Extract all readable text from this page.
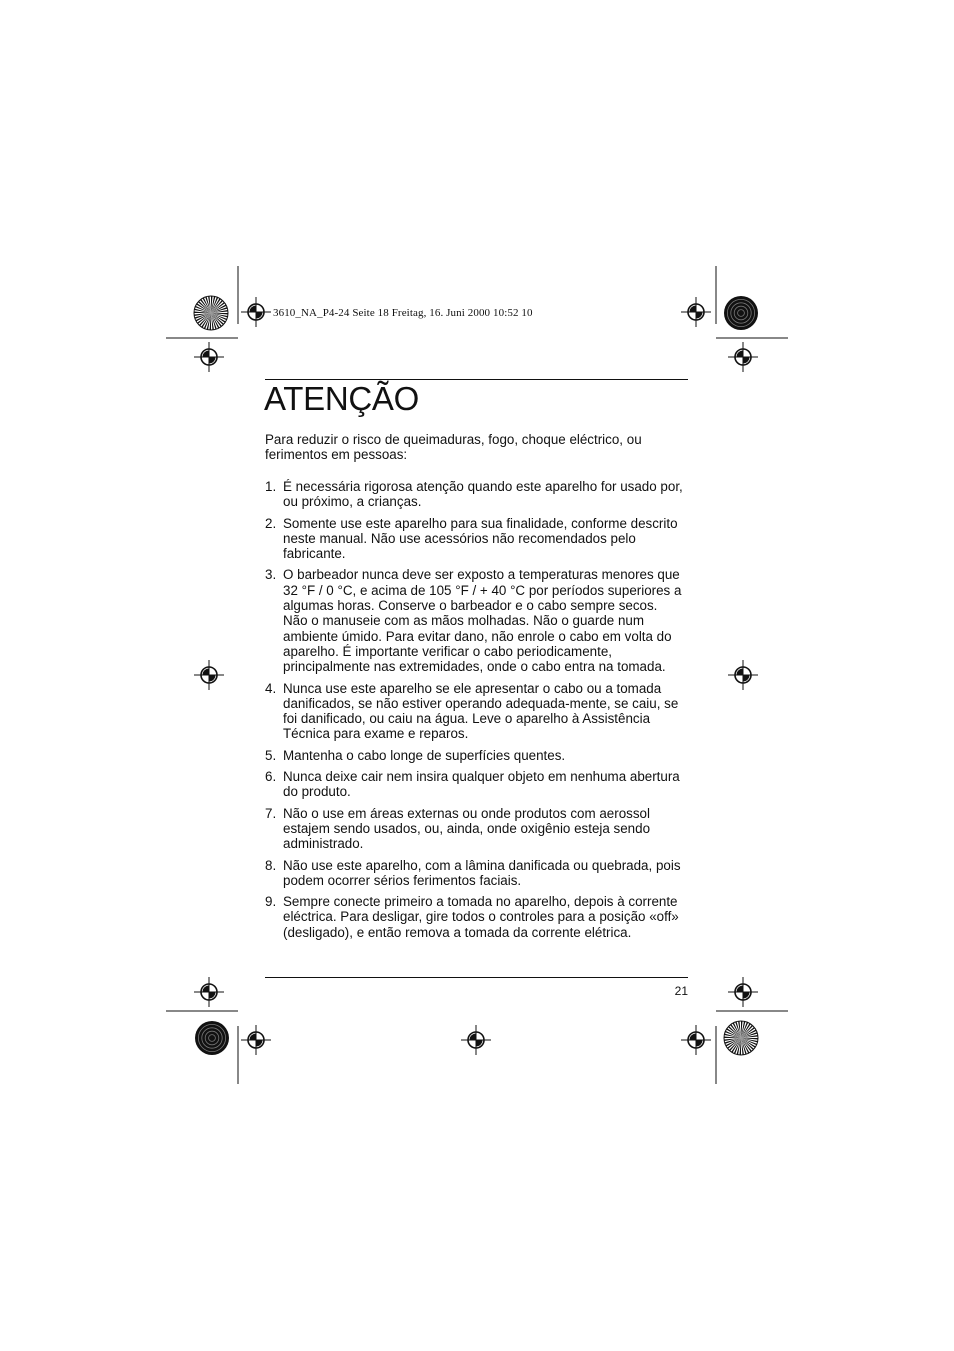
3610_NA_P4-24 Seite 18 Freitag, 16. Juni 2000 10:52 10
ATENÇÃO

Para reduzir o risco de queimaduras, fogo, choque eléctrico, ou ferimentos em pessoas:

1. É necessária rigorosa atenção quando este aparelho for usado por, ou próximo, a crianças.
2. Somente use este aparelho para sua finalidade, conforme descrito neste manual. Não use acessórios não recomendados pelo fabricante.
3. O barbeador nunca deve ser exposto a temperaturas menores que 32 °F / 0 °C, e acima de 105 °F / + 40 °C por períodos superiores a algumas horas. Conserve o barbeador e o cabo sempre secos. Não o manuseie com as mãos molhadas. Não o guarde num ambiente úmido. Para evitar dano, não enrole o cabo em volta do aparelho. É importante verificar o cabo periodicamente, principalmente nas extremidades, onde o cabo entra na tomada.
4. Nunca use este aparelho se ele apresentar o cabo ou a tomada danificados, se não estiver operando adequada-mente, se caiu, se foi danificado, ou caiu na água. Leve o aparelho à Assistência Técnica para exame e reparos.
5. Mantenha o cabo longe de superfícies quentes.
6. Nunca deixe cair nem insira qualquer objeto em nenhuma abertura do produto.
7. Não o use em áreas externas ou onde produtos com aerossol estajem sendo usados, ou, ainda, onde oxigênio esteja sendo administrado.
8. Não use este aparelho, com a lâmina danificada ou quebrada, pois podem ocorrer sérios ferimentos faciais.
9. Sempre conecte primeiro a tomada no aparelho, depois à corrente eléctrica. Para desligar, gire todos o controles para a posição «off» (desligado), e então remova a tomada da corrente elétrica.
21
